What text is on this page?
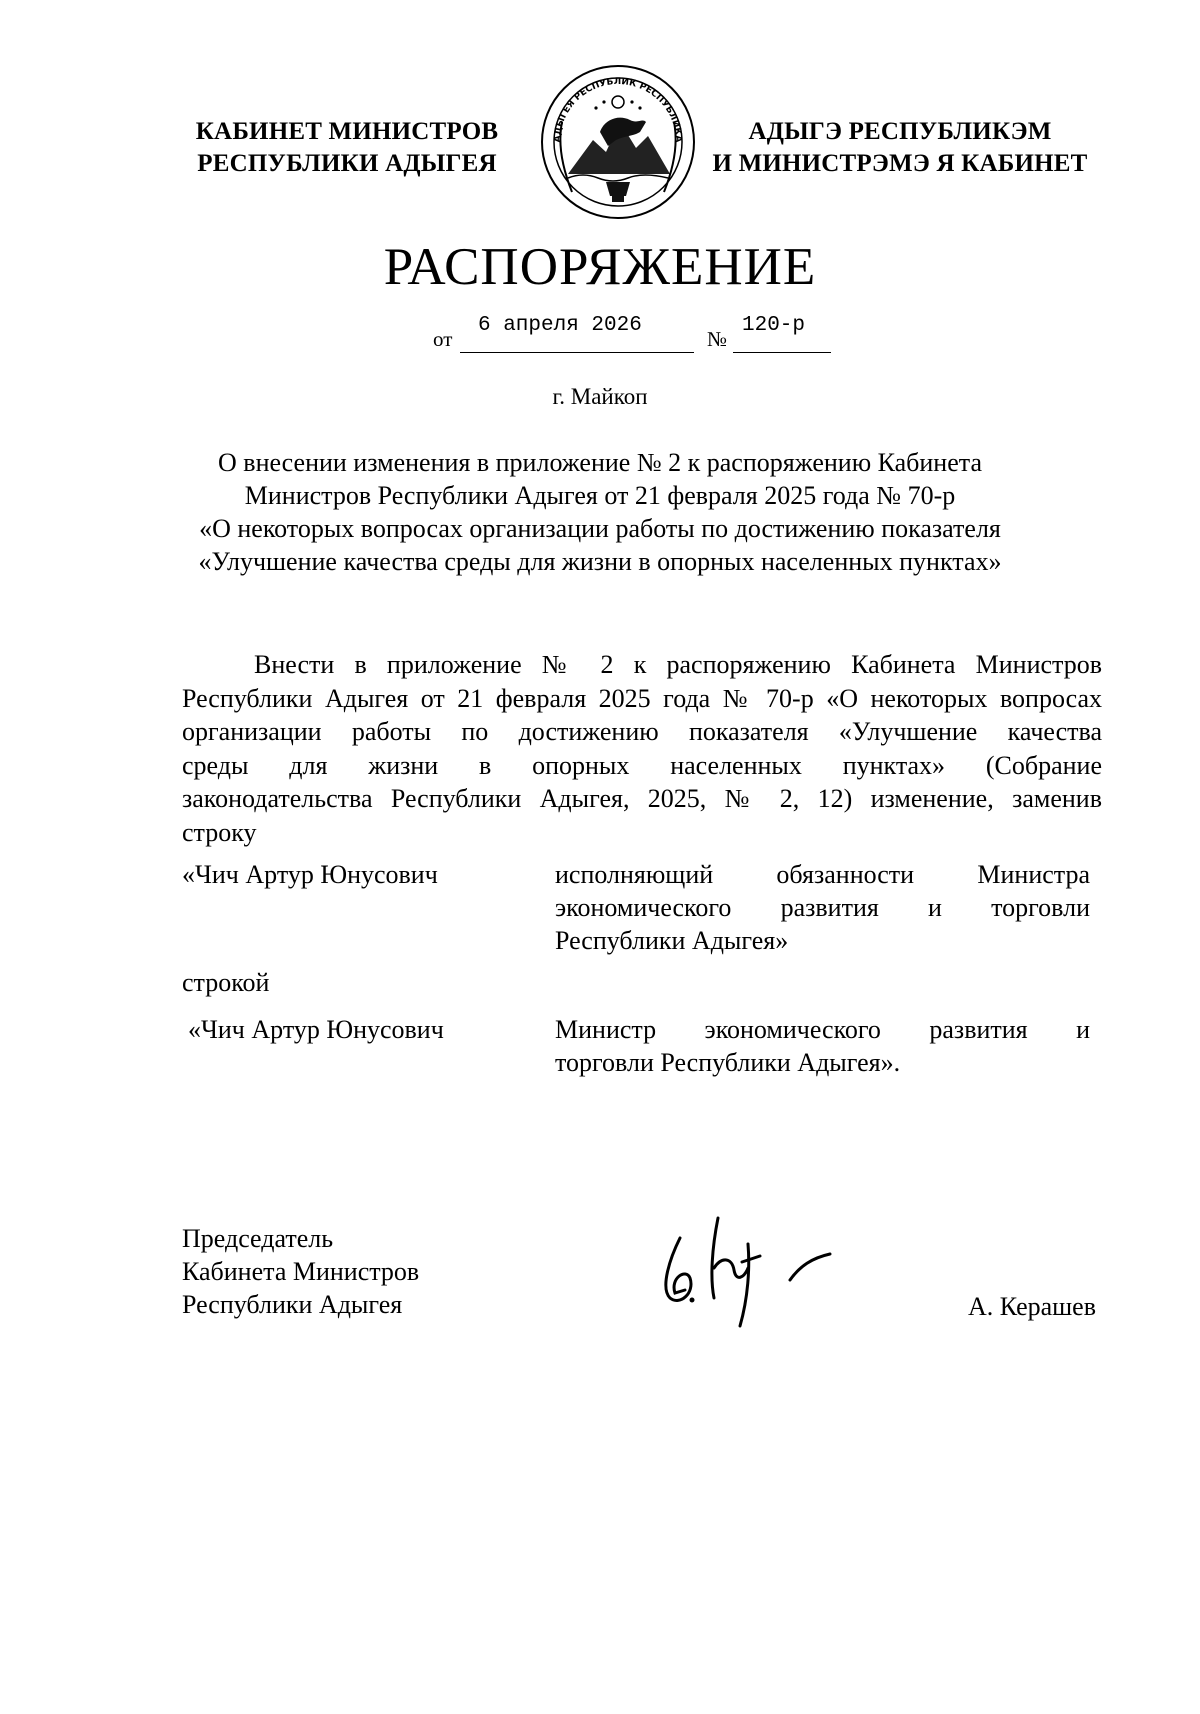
КАБИНЕТ МИНИСТРОВ
РЕСПУБЛИКИ АДЫГЕЯ
АДЫГЕЯ РЕСПУБЛИК РЕСПУБЛИКА	АДЫГЭ РЕСПУБЛИКЭМ
И МИНИСТРЭМЭ Я КАБИНЕТ
РАСПОРЯЖЕНИЕ
от
6 апреля 2026
№
120-р
г. Майкоп
О внесении изменения в приложение № 2 к распоряжению Кабинета
Министров Республики Адыгея от 21 февраля 2025 года № 70-р
«О некоторых вопросах организации работы по достижению показателя
«Улучшение качества среды для жизни в опорных населенных пунктах»
Внести в приложение № 2 к распоряжению Кабинета Министров
Республики Адыгея от 21 февраля 2025 года № 70-р «О некоторых вопросах
организации работы по достижению показателя «Улучшение качества
среды для жизни в опорных населенных пунктах» (Собрание
законодательства Республики Адыгея, 2025, № 2, 12) изменение, заменив
строку
«Чич Артур Юнусович	исполняющий обязанности Министра
экономического развития и торговли
Республики Адыгея»
строкой
«Чич Артур Юнусович	Министр экономического развития и
торговли Республики Адыгея».
Председатель
Кабинета Министров
Республики Адыгея	А. Керашев
